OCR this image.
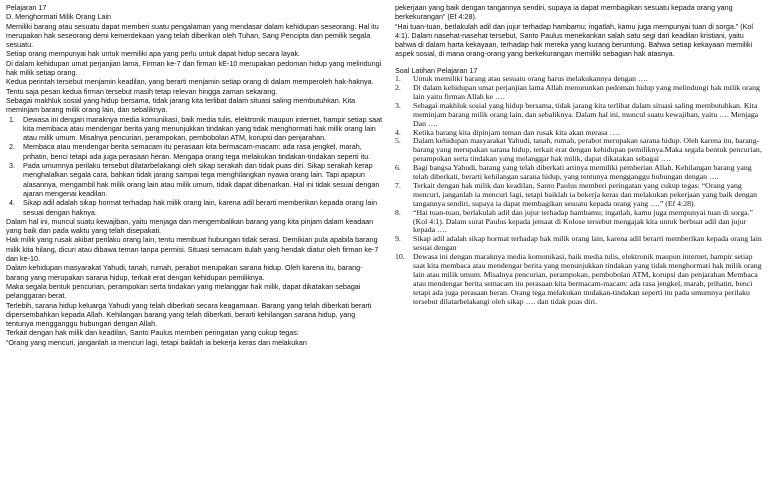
Pelajaran 17

D. Menghormati Milik Orang Lain

Memiliki barang atau sesuatu dapat memberi suatu pengalaman yang mendasar dalam kehidupan seseorang. Hal itu merupakan hak seseorang demi kemerdekaan yang telah diberikan oleh Tuhan, Sang Pencipta dan pemilik segala sesuatu.

Setiap orang mempunyai hak untuk memiliki apa yang perlu untuk dapat hidup secara layak.

Di dalam kehidupan umat perjanjian lama, Firman ke-7 dan firman kE-10 merupakan pedoman hidup yang melindungi hak milik setiap orang.

Kedua perintah tersebut menjamin keadilan, yang berarti menjamin setiap orang di dalam memperoleh hak-haknya. Tentu saja pesan kedua firman tersebut masih tetap relevan hingga zaman sekarang.

Sebagai makhluk sosial yang hidup bersama, tidak jarang kita terlibat dalam situasi saling membutuhkan. Kita meminjam barang milik orang lain, dan sebaliknya.

1.	Dewasa ini dengan maraknya media komunikasi, baik media tulis, elektronik maupun internet, hampir setiap saat kita membaca atau mendengar berita yang menunjukkan tindakan yang tidak menghormati hak milik orang lain atau milik umum. Misalnya pencurian, perampokan, pembobolan ATM, korupsi dan penjarahan.
2.	Membaca atau mendengar berita semacam itu perasaan kita bermacam-macam: ada rasa jengkel, marah, prihatin, benci tetapi ada juga perasaan heran. Mengapa orang tega melakukan tindakan-tindakan seperti itu.
3.	Pada umumnya perilaku tersebut dilatarbelakangi oleh sikap serakah dan tidak puas diri. Sikap serakah kerap menghalalkan segala cara, bahkan tidak jarang sampai tega menghilangkan nyawa orang lain. Tapi apapun alasannya, mengambil hak milik orang lain atau milik umum, tidak dapat dibenarkan. Hal ini tidak sesuai dengan ajaran mengenai keadilan.
4.	Sikap adil adalah sikap hormat terhadap hak milik orang lain, karena adil berarti memberikan kepada orang lain sesuai dengan haknya.

Dalam hal ini, muncul suatu kewajiban, yaitu menjaga dan mengembalikan barang yang kita pinjam dalam keadaan yang baik dan pada waktu yang telah disepakati.

Hak milik yang rusak akibat perilaku orang lain, tentu membuat hubungan tidak serasi. Demikian pula apabila barang milik kita hilang, dicuri atau dibawa teman tanpa permisi. Situasi semacam itulah yang hendak diatur oleh firman ke-7 dan ke-10.

Dalam kehidupan masyarakat Yahudi, tanah, rumah, perabot merupakan sarana hidup. Oleh karena itu, barang-barang yang merupakan sarana hidup, terkait erat dengan kehidupan pemiliknya.

Maka segala bentuk pencurian, perampokan serta tindakan yang melanggar hak milik, dapat dikatakan sebagai pelanggaran berat.

Terlebih, sarana hidup keluarga Yahudi yang telah diberkati secara keagamaan. Barang yang telah diberkati berarti dipersembahkan kepada Allah. Kehilangan barang yang telah diberkati, berarti kehilangan sarana hidup, yang tentunya mengganggu hubungan dengan Allah.

Terkait dengan hak milik dan keadilan, Santo Paulus memberi peringatan yang cukup tegas:

“Orang yang mencuri, janganlah ia mencuri lagi, tetapi baiklah ia bekerja keras dan melakukan

pekerjaan yang baik dengan tangannya sendiri, supaya ia dapat membagikan sesuatu kepada orang yang berkekurangan” (Ef 4:28).

“Hai tuan-tuan, berlakulah adil dan jujur terhadap hambamu; ingatlah, kamu juga mempunyai tuan di sorga.” (Kol 4:1). Dalam nasehat-nasehat tersebut, Santo Paulus menekankan salah satu segi dari keadilan kristiani, yaitu bahwa di dalam harta kekayaan, terhadap hak mereka yang kurang beruntung. Bahwa setiap kekayaan memiliki aspek sosial, di mana orang-orang yang berkekurangan memiliki sebagian hak atasnya.

Soal Latihan Pelajaran 17

1.	Untuk memiliki barang atau sesuatu orang harus melakukannya dengan ….
2.	Di dalam kehidupan umat perjanjian lama Allah menurunkan pedoman hidup yang melindungi hak milik orang lain yaitu firman Allah ke ….
3.	Sebagai makhluk sosial yang hidup bersama, tidak jarang kita terlibat dalam situasi saling membutuhkan. Kita meminjam barang milik orang lain, dan sebaliknya. Dalam hal ini, muncul suatu kewajiban, yaitu …. Menjaga Dan ….
4.	Ketika barang kita dipinjam teman dan rusak kita akan merasa ….
5.	Dalam kehidupan masyarakat Yahudi, tanah, rumah, perabot merupakan sarana hidup. Oleh karena itu, barang-barang yang merupakan sarana hidup, terkait erat dengan kehidupan pemiliknya.Maka segala bentuk pencurian, perampokan serta tindakan yang melanggar hak milik, dapat dikatakan sebagai ….
6.	Bagi bangsa Yahudi, barang yang telah diberkati artinya memiliki pemberian Allah. Kehilangan barang yang telah diberkati, berarti kehilangan sarana hidup, yang tentunya mengganggu hubungan dengan ….
7.	Terkait dengan hak milik dan keadilan, Santo Paulus memberi peringatan yang cukup tegas: “Orang yang mencuri, janganlah ia mencuri lagi, tetapi baiklah ia bekerja keras dan melakukan pekerjaan yang baik dengan tangannya sendiri, supaya ia dapat membagikan sesuatu kepada orang yang ….” (Ef 4:28).
8.	“Hai tuan-tuan, berlakulah adil dan jujur terhadap hambamu; ingatlah, kamu juga mempunyai tuan di sorga.” (Kol 4:1). Dalam surat Paulus kepada jemaat di Kolose tersebut mengajak kita untuk berbuat adil dan jujur kepada ….
9.	Sikap adil adalah sikap hormat terhadap hak milik orang lain, karena adil berarti memberikan kepada orang lain sesuai dengan
10.	Dewasa ini dengan maraknya media komunikasi, baik media tulis, elektronik maupun internet, hampir setiap saat kita membaca atau mendengar berita yang menunjukkan tindakan yang tidak menghormati hak milik orang lain atau milik umum. Misalnya pencurian, perampokan, pembobolan ATM, korupsi dan penjarahan Membaca atau mendengar berita semacam itu perasaan kita bermacam-macam: ada rasa jengkel, marah, prihatin, benci tetapi ada juga perasaan heran. Orang tega melakukan tindakan-tindakan seperti itu pada umumnya perilaku tersebut dilatarbelakangi oleh sikap …. dan tidak puas diri.
